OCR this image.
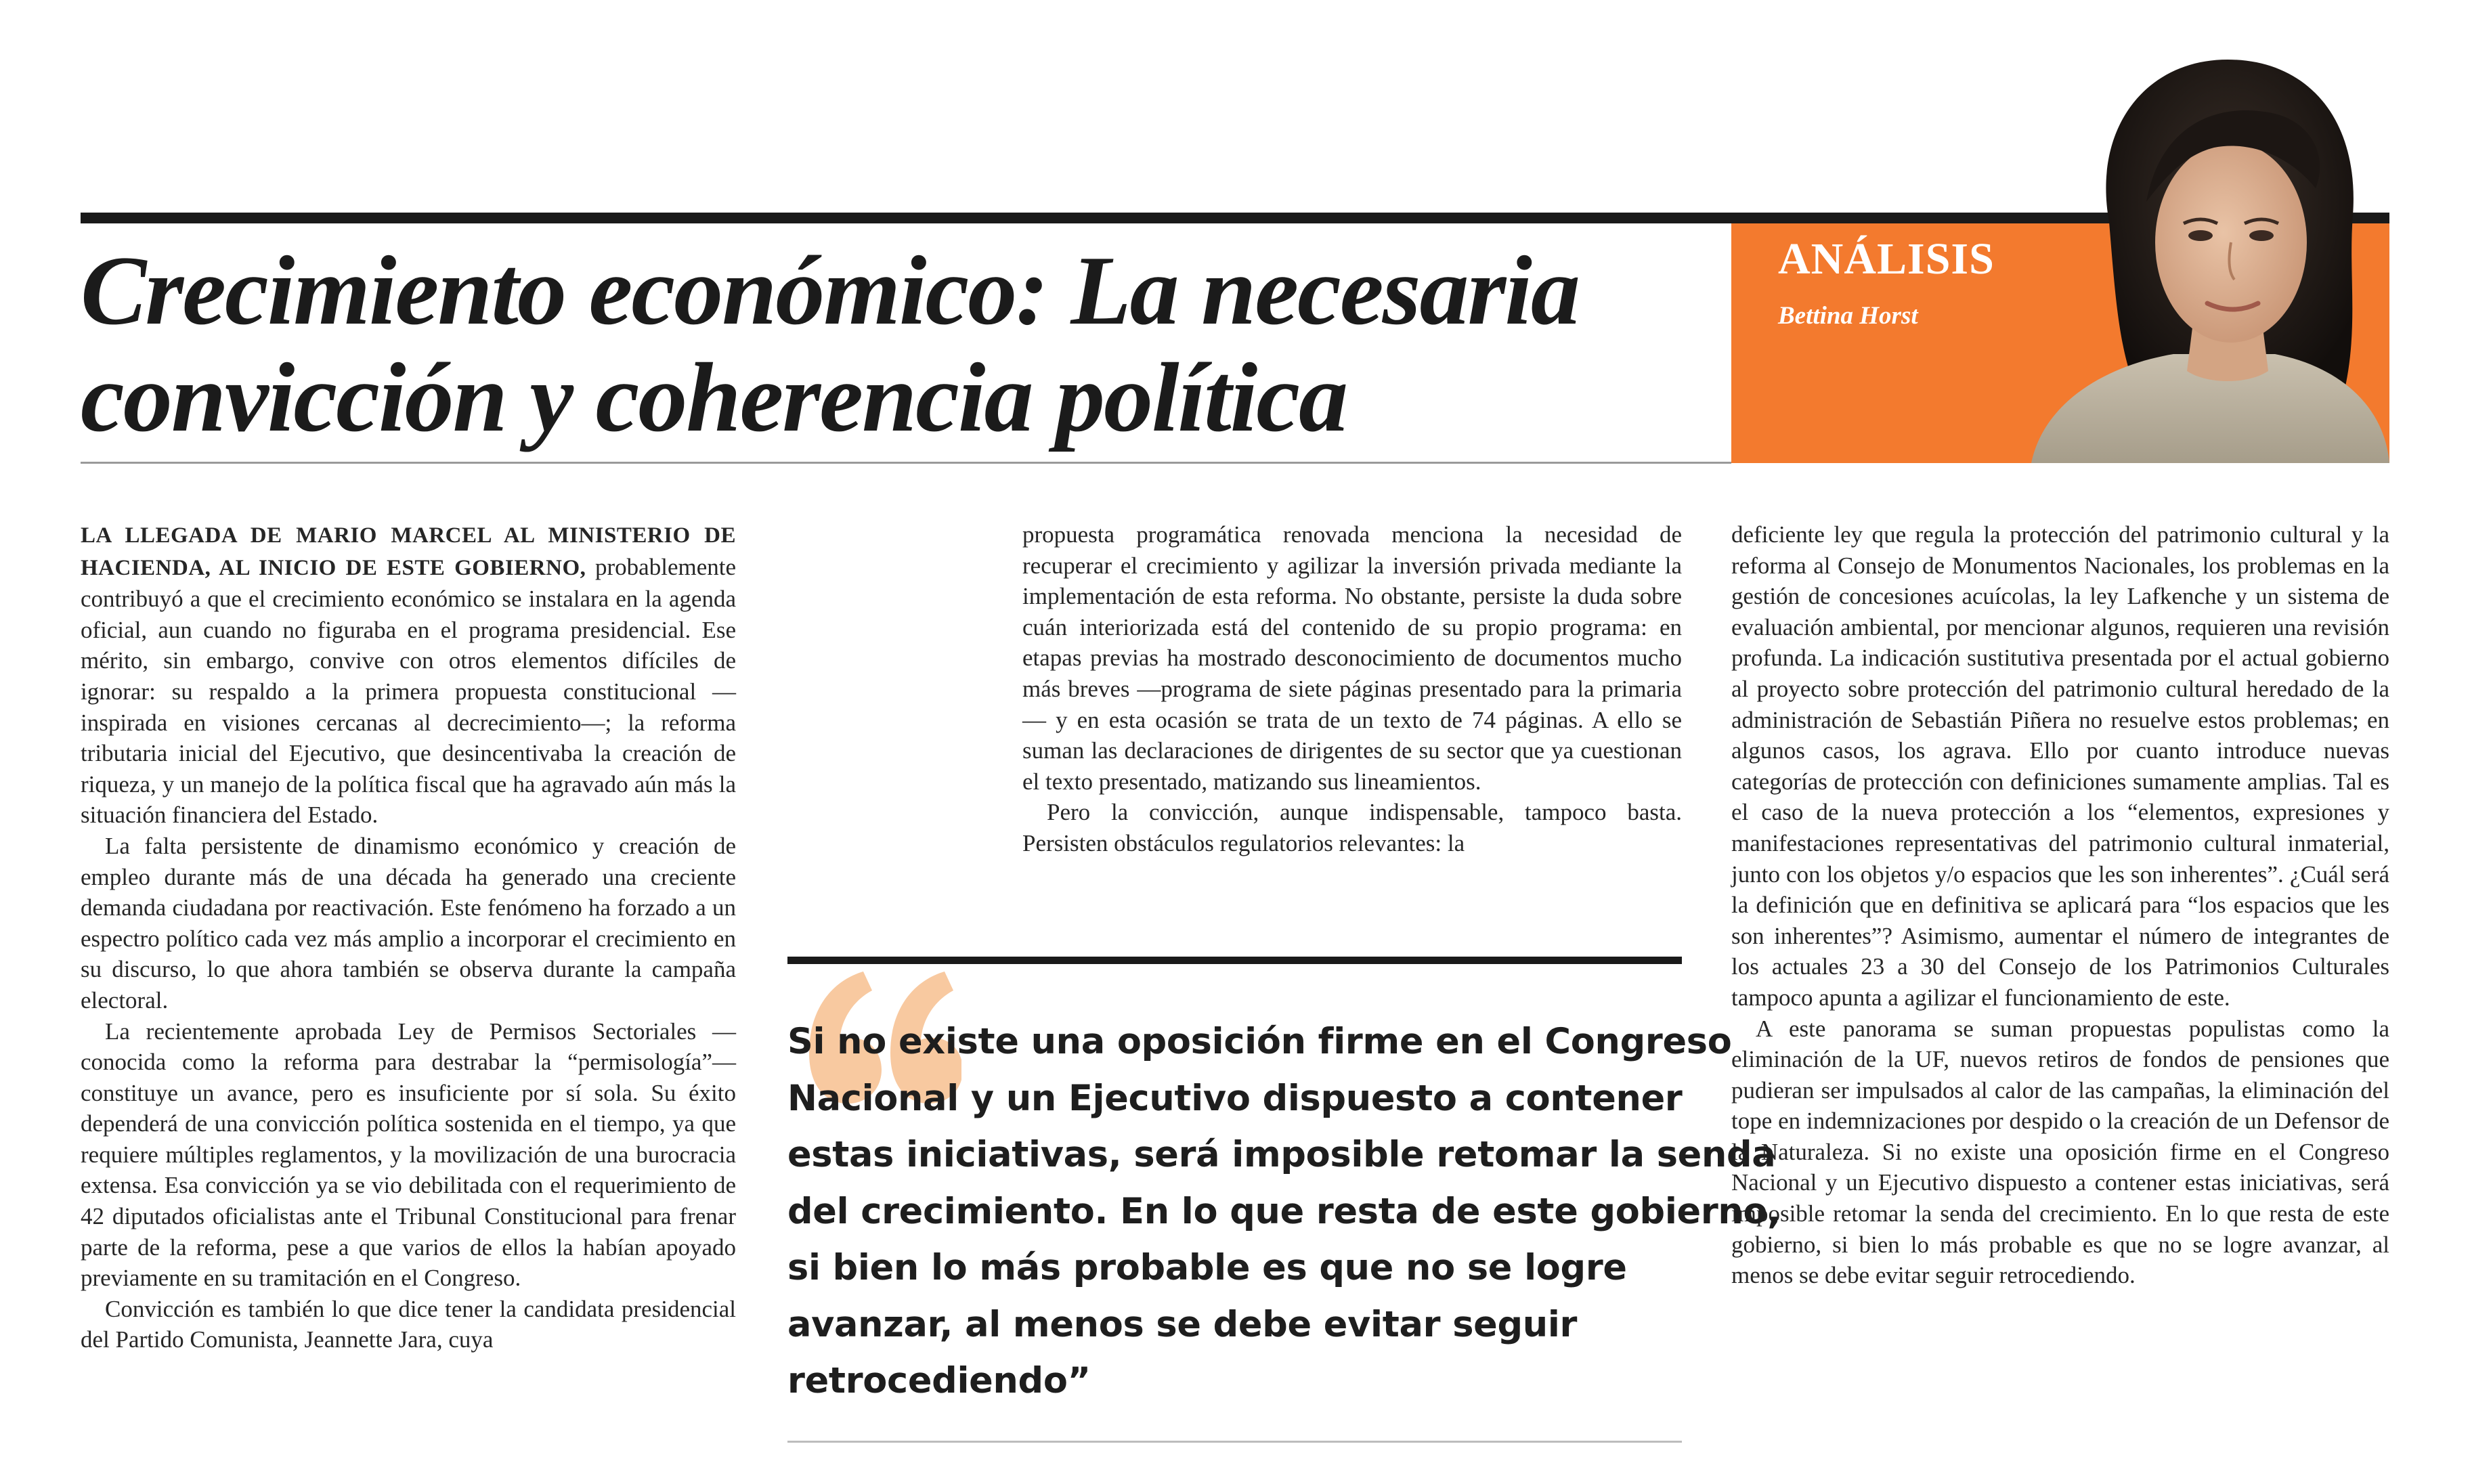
Crecimiento económico: La necesaria
convicción y coherencia política
ANÁLISIS
Bettina Horst

LA LLEGADA DE MARIO MARCEL AL MINISTERIO DE HACIENDA, AL INICIO DE ESTE GOBIERNO, probablemente contribuyó a que el crecimiento económico se instalara en la agenda oficial, aun cuando no figuraba en el programa presidencial. Ese mérito, sin embargo, convive con otros elementos difíciles de ignorar: su respaldo a la primera propuesta constitucional —inspirada en visiones cercanas al decrecimiento—; la reforma tributaria inicial del Ejecutivo, que desincentivaba la creación de riqueza, y un manejo de la política fiscal que ha agravado aún más la situación financiera del Estado.

La falta persistente de dinamismo económico y creación de empleo durante más de una década ha generado una creciente demanda ciudadana por reactivación. Este fenómeno ha forzado a un espectro político cada vez más amplio a incorporar el crecimiento en su discurso, lo que ahora también se observa durante la campaña electoral.

La recientemente aprobada Ley de Permisos Sectoriales —conocida como la reforma para destrabar la “permisología”— constituye un avance, pero es insuficiente por sí sola. Su éxito dependerá de una convicción política sostenida en el tiempo, ya que requiere múltiples reglamentos, y la movilización de una burocracia extensa. Esa convicción ya se vio debilitada con el requerimiento de 42 diputados oficialistas ante el Tribunal Constitucional para frenar parte de la reforma, pese a que varios de ellos la habían apoyado previamente en su tramitación en el Congreso.

Convicción es también lo que dice tener la candidata presidencial del Partido Comunista, Jeannette Jara, cuya

propuesta programática renovada menciona la necesidad de recuperar el crecimiento y agilizar la inversión privada mediante la implementación de esta reforma. No obstante, persiste la duda sobre cuán interiorizada está del contenido de su propio programa: en etapas previas ha mostrado desconocimiento de documentos mucho más breves —programa de siete páginas presentado para la primaria— y en esta ocasión se trata de un texto de 74 páginas. A ello se suman las declaraciones de dirigentes de su sector que ya cuestionan el texto presentado, matizando sus lineamientos.

Pero la convicción, aunque indispensable, tampoco basta. Persisten obstáculos regulatorios relevantes: la

deficiente ley que regula la protección del patrimonio cultural y la reforma al Consejo de Monumentos Nacionales, los problemas en la gestión de concesiones acuícolas, la ley Lafkenche y un sistema de evaluación ambiental, por mencionar algunos, requieren una revisión profunda. La indicación sustitutiva presentada por el actual gobierno al proyecto sobre protección del patrimonio cultural heredado de la administración de Sebastián Piñera no resuelve estos problemas; en algunos casos, los agrava. Ello por cuanto introduce nuevas categorías de protección con definiciones sumamente amplias. Tal es el caso de la nueva protección a los “elementos, expresiones y manifestaciones representativas del patrimonio cultural inmaterial, junto con los objetos y/o espacios que les son inherentes”. ¿Cuál será la definición que en definitiva se aplicará para “los espacios que les son inherentes”? Asimismo, aumentar el número de integrantes de los actuales 23 a 30 del Consejo de los Patrimonios Culturales tampoco apunta a agilizar el funcionamiento de este.

A este panorama se suman propuestas populistas como la eliminación de la UF, nuevos retiros de fondos de pensiones que pudieran ser impulsados al calor de las campañas, la eliminación del tope en indemnizaciones por despido o la creación de un Defensor de la Naturaleza. Si no existe una oposición firme en el Congreso Nacional y un Ejecutivo dispuesto a contener estas iniciativas, será imposible retomar la senda del crecimiento. En lo que resta de este gobierno, si bien lo más probable es que no se logre avanzar, al menos se debe evitar seguir retrocediendo.

Si no existe una oposición firme en el Congreso
Nacional y un Ejecutivo dispuesto a contener
estas iniciativas, será imposible retomar la senda
del crecimiento. En lo que resta de este gobierno,
si bien lo más probable es que no se logre
avanzar, al menos se debe evitar seguir
retrocediendo”
